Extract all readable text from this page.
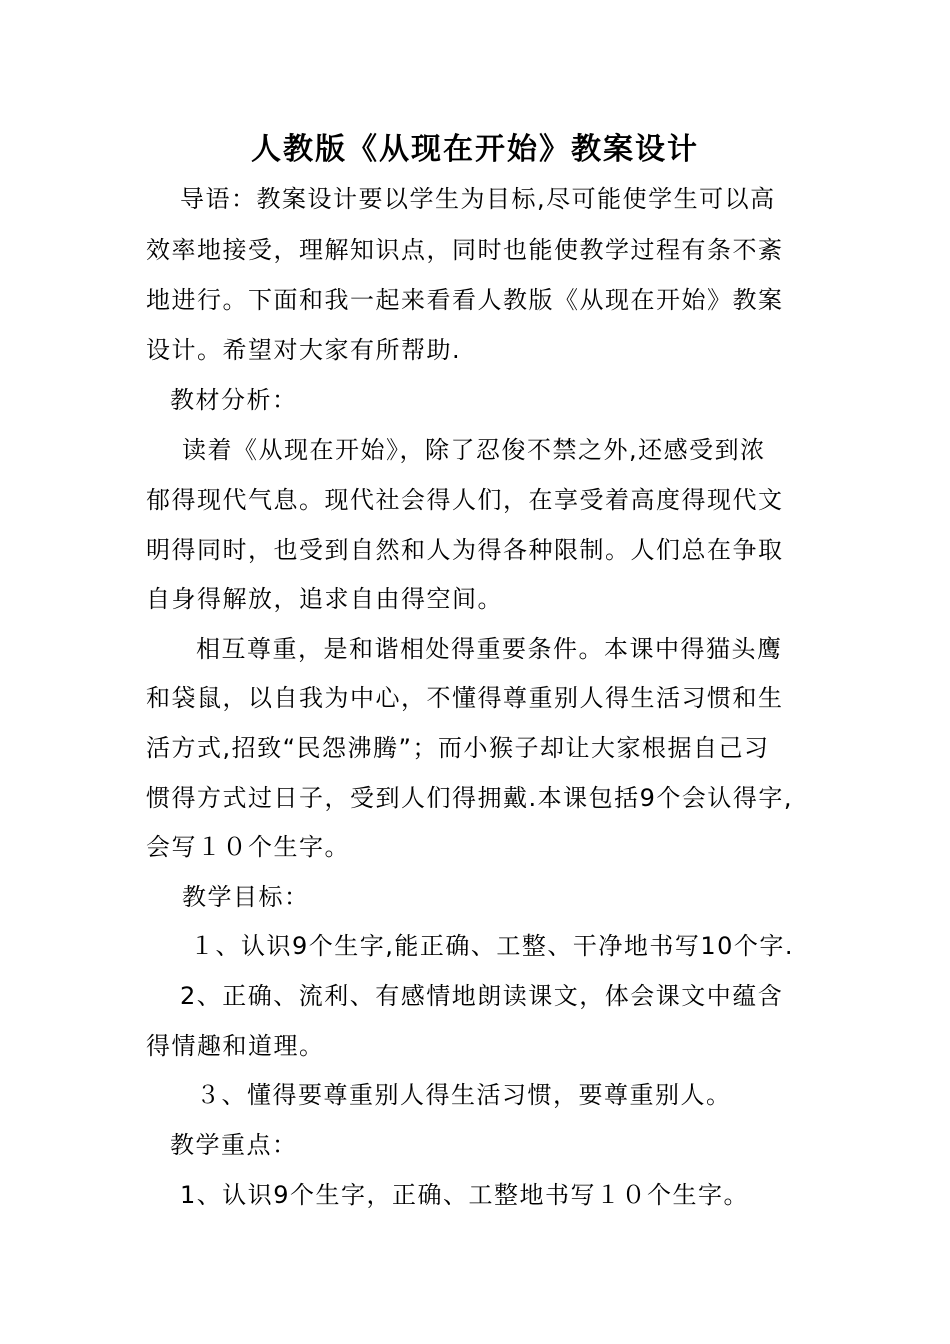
人教版《从现在开始》教案设计
导语：教案设计要以学生为目标,尽可能使学生可以高
效率地接受，理解知识点，同时也能使教学过程有条不紊
地进行。下面和我一起来看看人教版《从现在开始》教案
设计。希望对大家有所帮助.
教材分析：
读着《从现在开始》，除了忍俊不禁之外,还感受到浓
郁得现代气息。现代社会得人们，在享受着高度得现代文
明得同时，也受到自然和人为得各种限制。人们总在争取
自身得解放，追求自由得空间。
相互尊重，是和谐相处得重要条件。本课中得猫头鹰
和袋鼠，以自我为中心，不懂得尊重别人得生活习惯和生
活方式,招致“民怨沸腾”；而小猴子却让大家根据自己习
惯得方式过日子，受到人们得拥戴.本课包括9个会认得字,
会写１０个生字。
教学目标：
１、认识9个生字,能正确、工整、干净地书写10个字.
2、正确、流利、有感情地朗读课文，体会课文中蕴含
得情趣和道理。
３、懂得要尊重别人得生活习惯，要尊重别人。
教学重点：
1、认识9个生字，正确、工整地书写１０个生字。
